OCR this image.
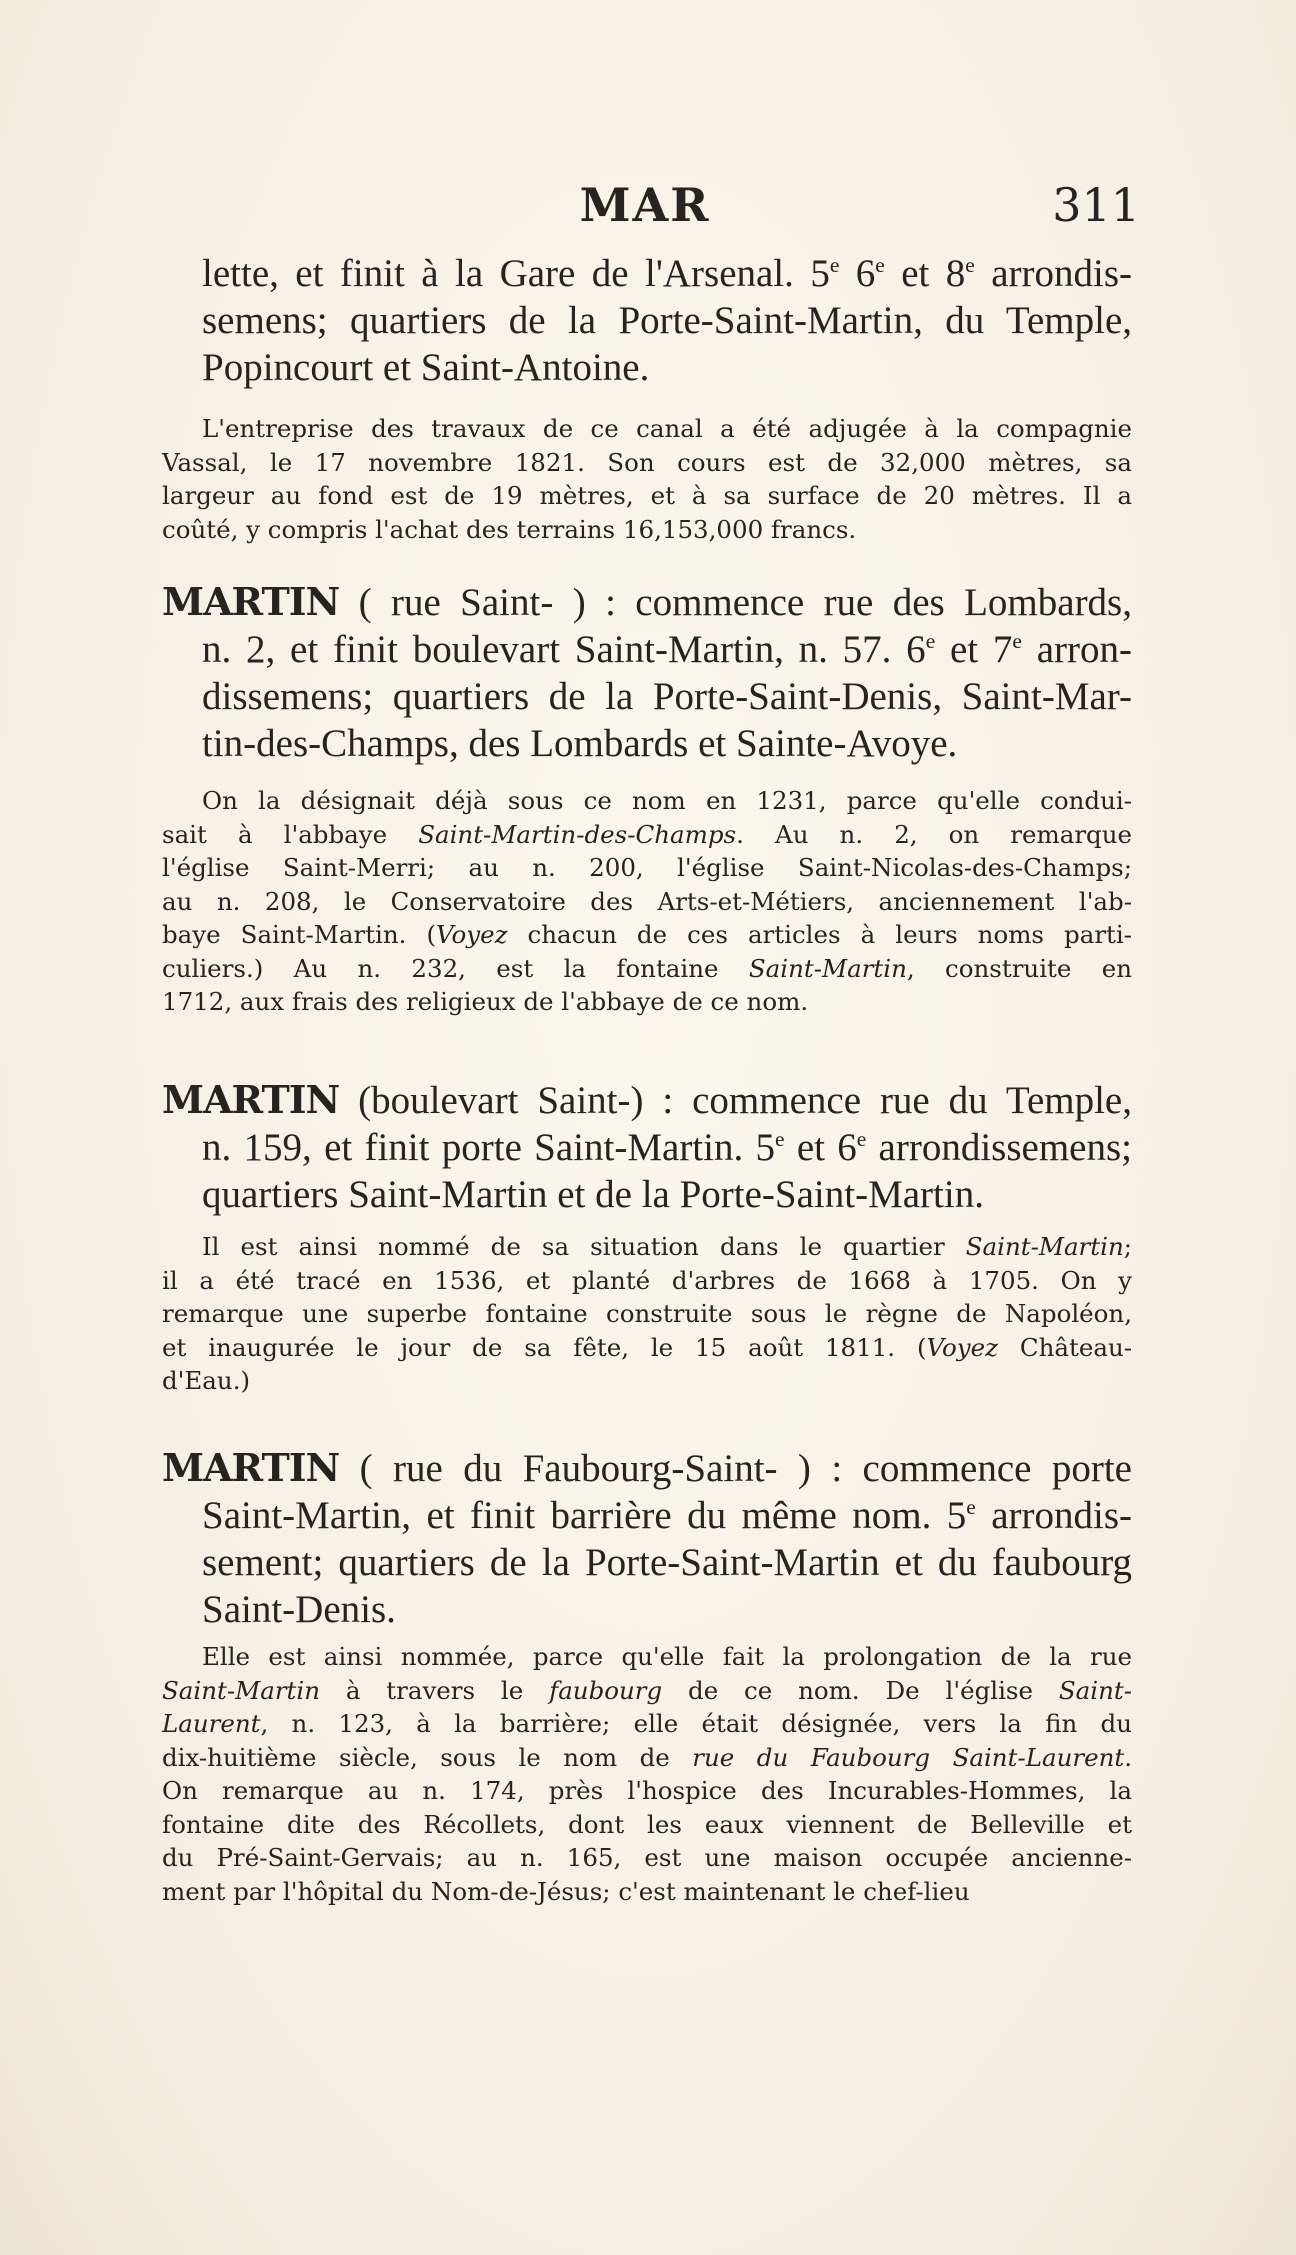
MAR	311
lette, et finit à la Gare de l'Arsenal. 5e 6e et 8e arrondis-
semens; quartiers de la Porte-Saint-Martin, du Temple,
Popincourt et Saint-Antoine.
L'entreprise des travaux de ce canal a été adjugée à la compagnie
Vassal, le 17 novembre 1821. Son cours est de 32,000 mètres, sa
largeur au fond est de 19 mètres, et à sa surface de 20 mètres. Il a
coûté, y compris l'achat des terrains 16,153,000 francs.
MARTIN ( rue Saint- ) : commence rue des Lombards,
n. 2, et finit boulevart Saint-Martin, n. 57. 6e et 7e arron-
dissemens; quartiers de la Porte-Saint-Denis, Saint-Mar-
tin-des-Champs, des Lombards et Sainte-Avoye.
On la désignait déjà sous ce nom en 1231, parce qu'elle condui-
sait à l'abbaye Saint-Martin-des-Champs. Au n. 2, on remarque
l'église Saint-Merri; au n. 200, l'église Saint-Nicolas-des-Champs;
au n. 208, le Conservatoire des Arts-et-Métiers, anciennement l'ab-
baye Saint-Martin. (Voyez chacun de ces articles à leurs noms parti-
culiers.) Au n. 232, est la fontaine Saint-Martin, construite en
1712, aux frais des religieux de l'abbaye de ce nom.
MARTIN (boulevart Saint-) : commence rue du Temple,
n. 159, et finit porte Saint-Martin. 5e et 6e arrondissemens;
quartiers Saint-Martin et de la Porte-Saint-Martin.
Il est ainsi nommé de sa situation dans le quartier Saint-Martin;
il a été tracé en 1536, et planté d'arbres de 1668 à 1705. On y
remarque une superbe fontaine construite sous le règne de Napoléon,
et inaugurée le jour de sa fête, le 15 août 1811. (Voyez Château-
d'Eau.)
MARTIN ( rue du Faubourg-Saint- ) : commence porte
Saint-Martin, et finit barrière du même nom. 5e arrondis-
sement; quartiers de la Porte-Saint-Martin et du faubourg
Saint-Denis.
Elle est ainsi nommée, parce qu'elle fait la prolongation de la rue
Saint-Martin à travers le faubourg de ce nom. De l'église Saint-
Laurent, n. 123, à la barrière; elle était désignée, vers la fin du
dix-huitième siècle, sous le nom de rue du Faubourg Saint-Laurent.
On remarque au n. 174, près l'hospice des Incurables-Hommes, la
fontaine dite des Récollets, dont les eaux viennent de Belleville et
du Pré-Saint-Gervais; au n. 165, est une maison occupée ancienne-
ment par l'hôpital du Nom-de-Jésus; c'est maintenant le chef-lieu
